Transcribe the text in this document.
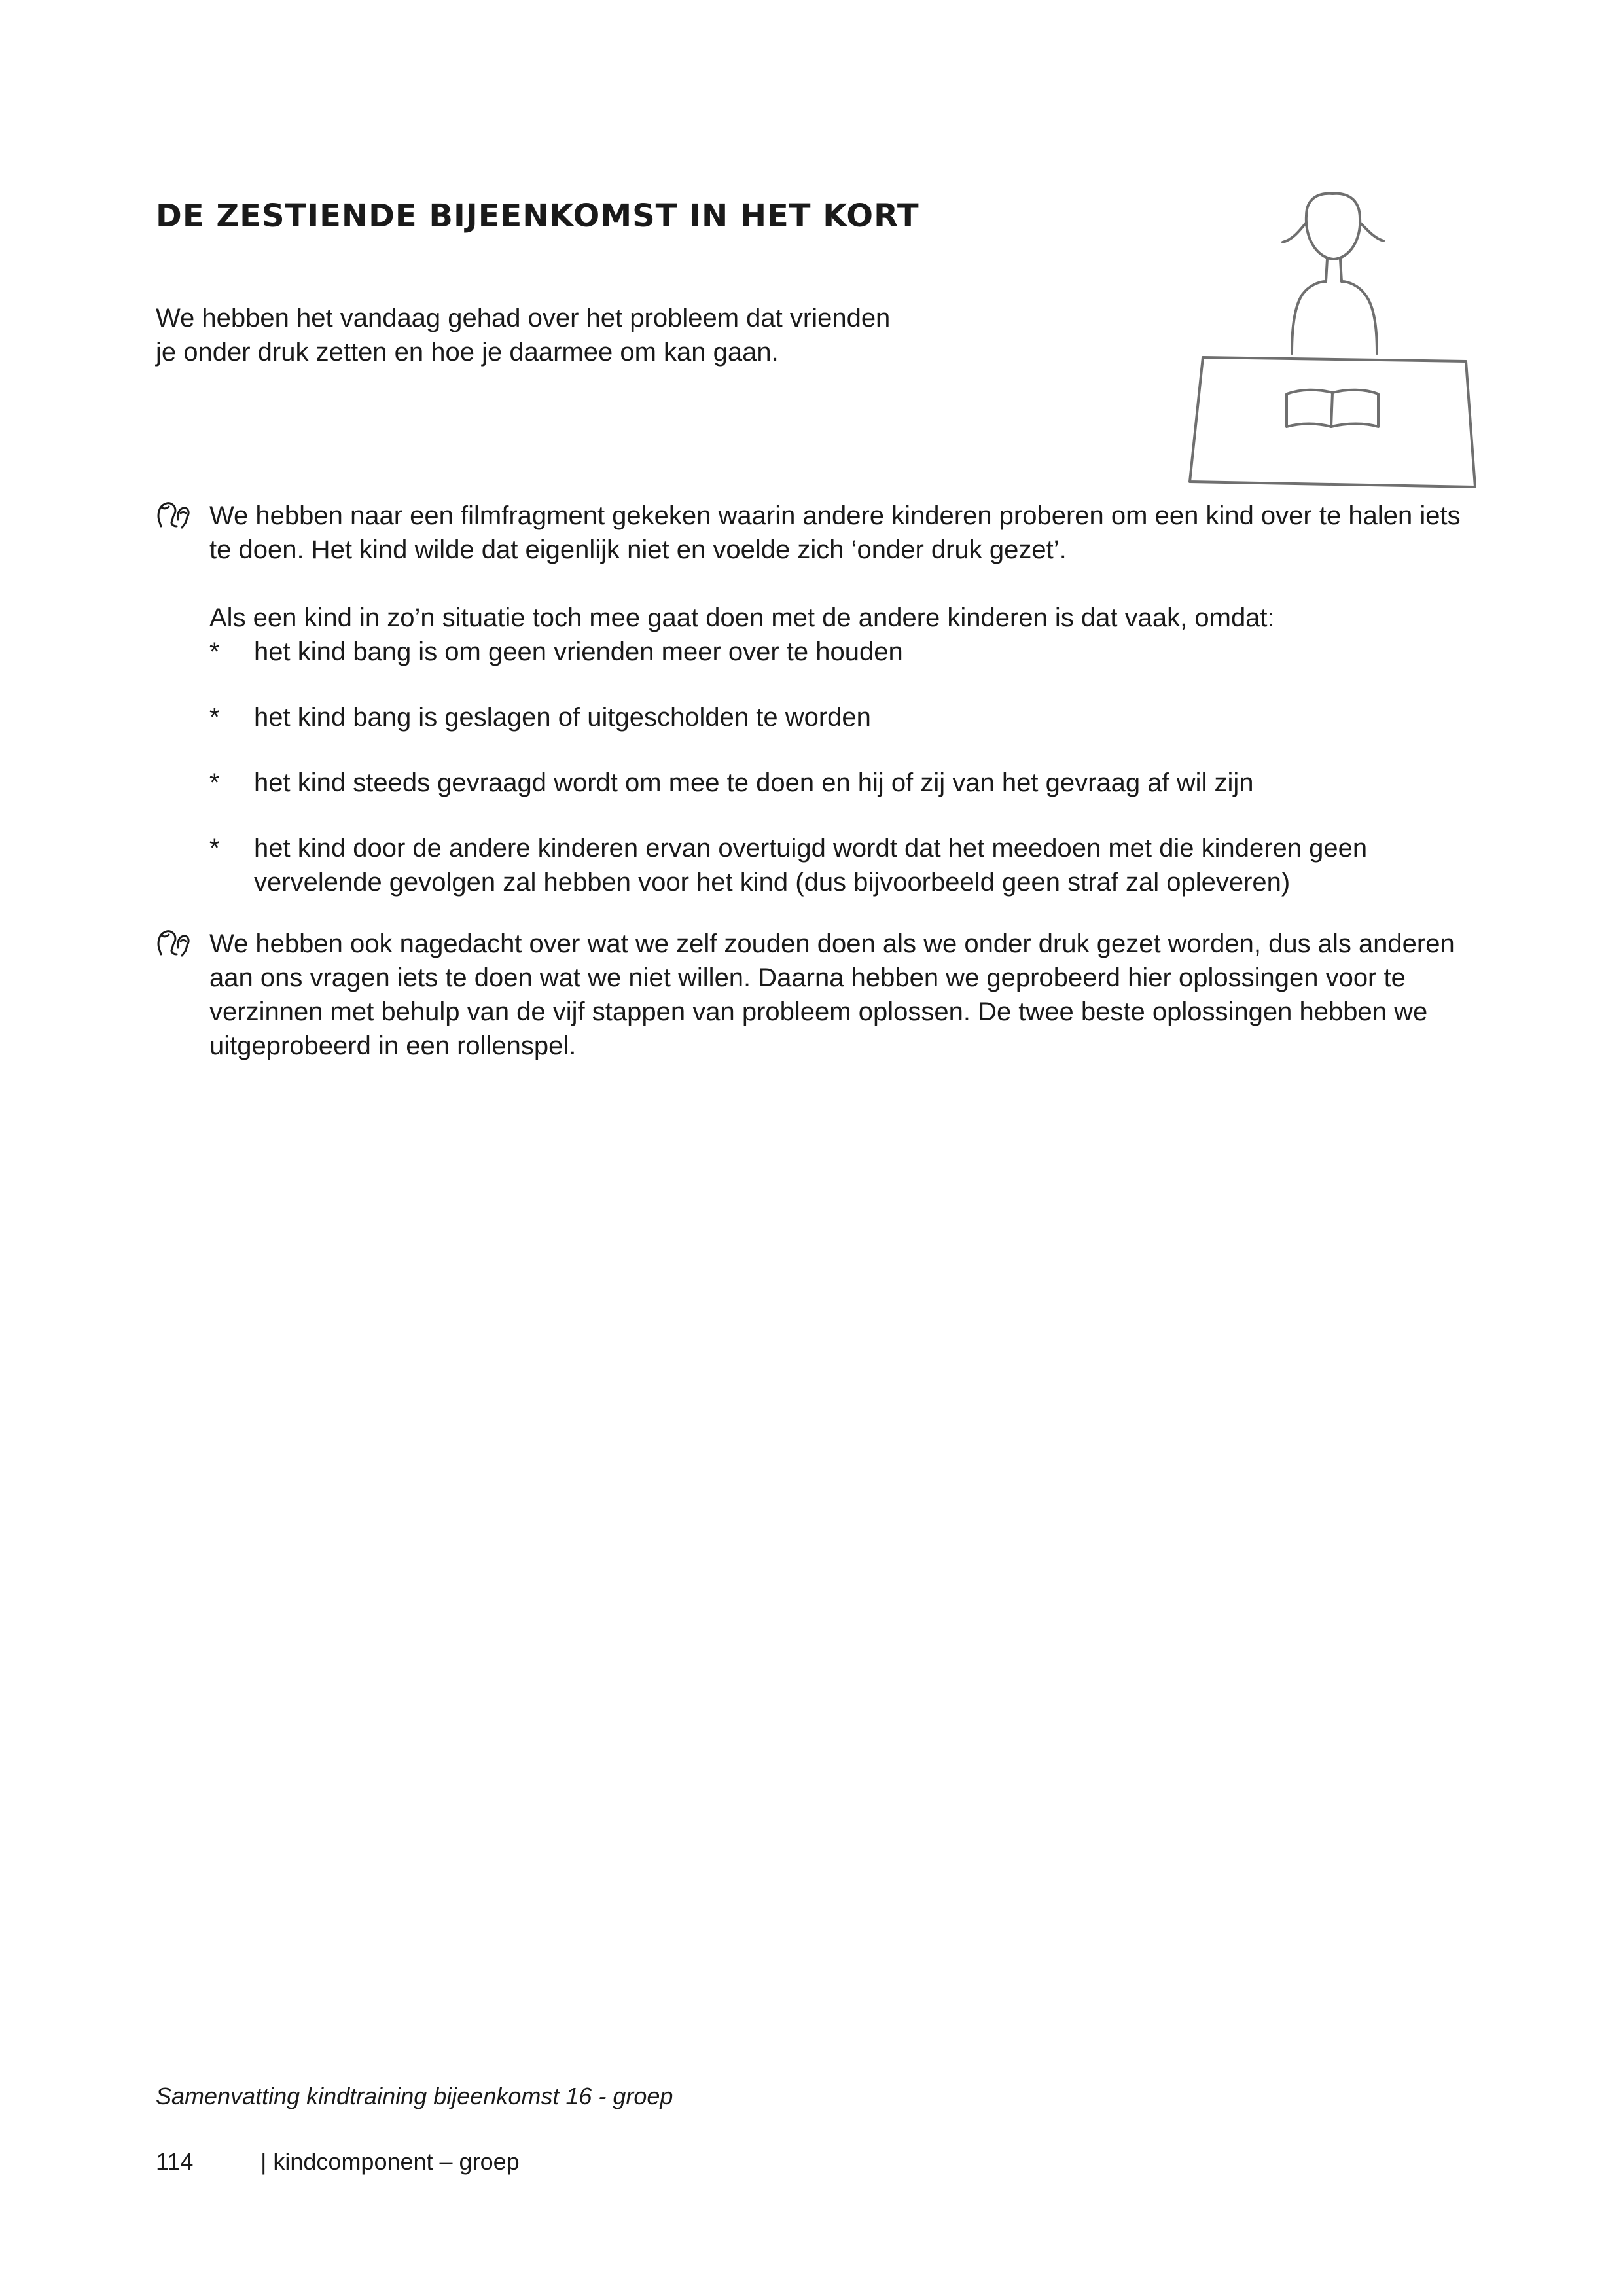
DE ZESTIENDE BIJEENKOMST IN HET KORT
We hebben het vandaag gehad over het probleem dat vrienden
je onder druk zetten en hoe je daarmee om kan gaan.

We hebben naar een filmfragment gekeken waarin andere kinderen proberen om een kind over te halen iets te doen. Het kind wilde dat eigenlijk niet en voelde zich ‘onder druk gezet’.

Als een kind in zo’n situatie toch mee gaat doen met de andere kinderen is dat vaak, omdat:

* het kind bang is om geen vrienden meer over te houden
* het kind bang is geslagen of uitgescholden te worden
* het kind steeds gevraagd wordt om mee te doen en hij of zij van het gevraag af wil zijn
* het kind door de andere kinderen ervan overtuigd wordt dat het meedoen met die kinderen geen vervelende gevolgen zal hebben voor het kind (dus bijvoorbeeld geen straf zal opleveren)

We hebben ook nagedacht over wat we zelf zouden doen als we onder druk gezet worden, dus als anderen aan ons vragen iets te doen wat we niet willen. Daarna hebben we geprobeerd hier oplossingen voor te verzinnen met behulp van de vijf stappen van probleem oplossen. De twee beste oplossingen hebben we uitgeprobeerd in een rollenspel.

Samenvatting kindtraining bijeenkomst 16 - groep

114	| kindcomponent – groep
